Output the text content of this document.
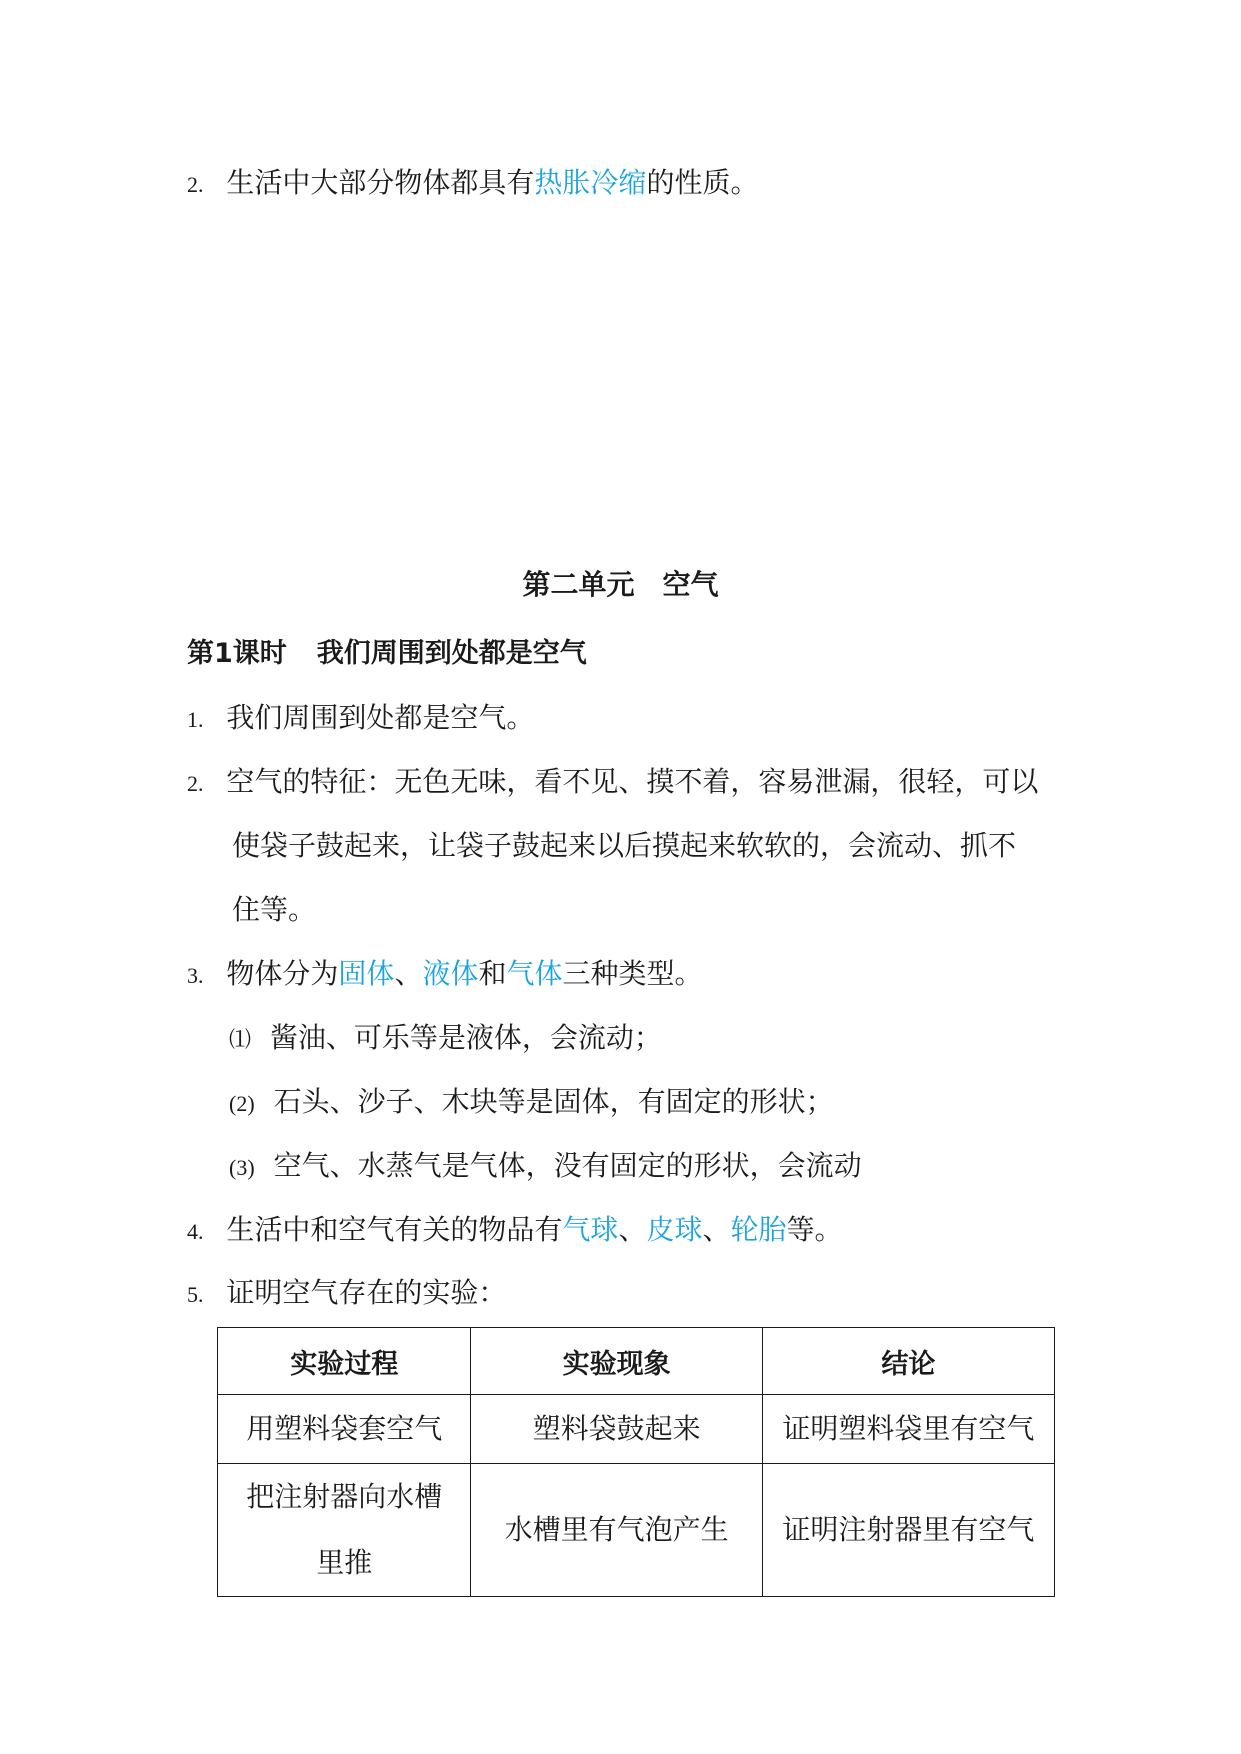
2. 生活中大部分物体都具有热胀冷缩的性质。
第二单元　空气
第1课时 我们周围到处都是空气
1. 我们周围到处都是空气。
2. 空气的特征：无色无味，看不见、摸不着，容易泄漏，很轻，可以
使袋子鼓起来，让袋子鼓起来以后摸起来软软的，会流动、抓不
住等。
3. 物体分为固体、液体和气体三种类型。
⑴ 酱油、可乐等是液体，会流动；
(2) 石头、沙子、木块等是固体，有固定的形状；
(3) 空气、水蒸气是气体，没有固定的形状，会流动
4. 生活中和空气有关的物品有气球、皮球、轮胎等。
5. 证明空气存在的实验：
实验过程	实验现象	结论
用塑料袋套空气	塑料袋鼓起来	证明塑料袋里有空气
把注射器向水槽里推	水槽里有气泡产生	证明注射器里有空气
